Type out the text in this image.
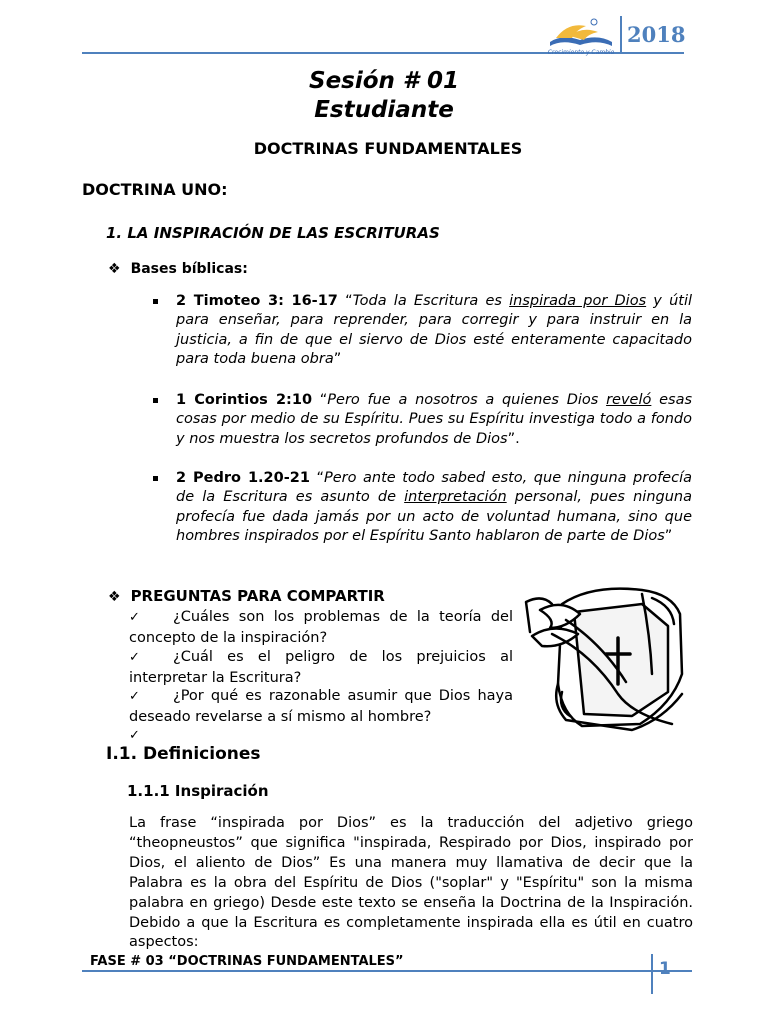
Crecimiento y Cambio
2018
Sesión # 01
Estudiante
DOCTRINAS FUNDAMENTALES
DOCTRINA UNO:
1. LA INSPIRACIÓN DE LAS ESCRITURAS
❖ Bases bíblicas:
2 Timoteo 3: 16-17 “Toda la Escritura es inspirada por Dios y útil para enseñar, para reprender, para corregir y para instruir en la justicia, a fin de que el siervo de Dios esté enteramente capacitado para toda buena obra”
1 Corintios 2:10 “Pero fue a nosotros a quienes Dios reveló esas cosas por medio de su Espíritu. Pues su Espíritu investiga todo a fondo y nos muestra los secretos profundos de Dios”.
2 Pedro 1.20-21 “Pero ante todo sabed esto, que ninguna profecía de la Escritura es asunto de interpretación personal, pues ninguna profecía fue dada jamás por un acto de voluntad humana, sino que hombres inspirados por el Espíritu Santo hablaron de parte de Dios”
❖ PREGUNTAS PARA COMPARTIR
✓ ¿Cuáles son los problemas de la teoría del concepto de la inspiración?
✓ ¿Cuál es el peligro de los prejuicios al interpretar la Escritura?
✓ ¿Por qué es razonable asumir que Dios haya deseado revelarse a sí mismo al hombre?
✓
I.1. Definiciones
1.1.1 Inspiración
La frase “inspirada por Dios” es la traducción del adjetivo griego “theopneustos” que significa "inspirada, Respirado por Dios, inspirado por Dios, el aliento de Dios” Es una manera muy llamativa de decir que la Palabra es la obra del Espíritu de Dios ("soplar" y "Espíritu" son la misma palabra en griego) Desde este texto se enseña la Doctrina de la Inspiración. Debido a que la Escritura es completamente inspirada ella es útil en cuatro aspectos:
FASE # 03 “DOCTRINAS FUNDAMENTALES”	1
